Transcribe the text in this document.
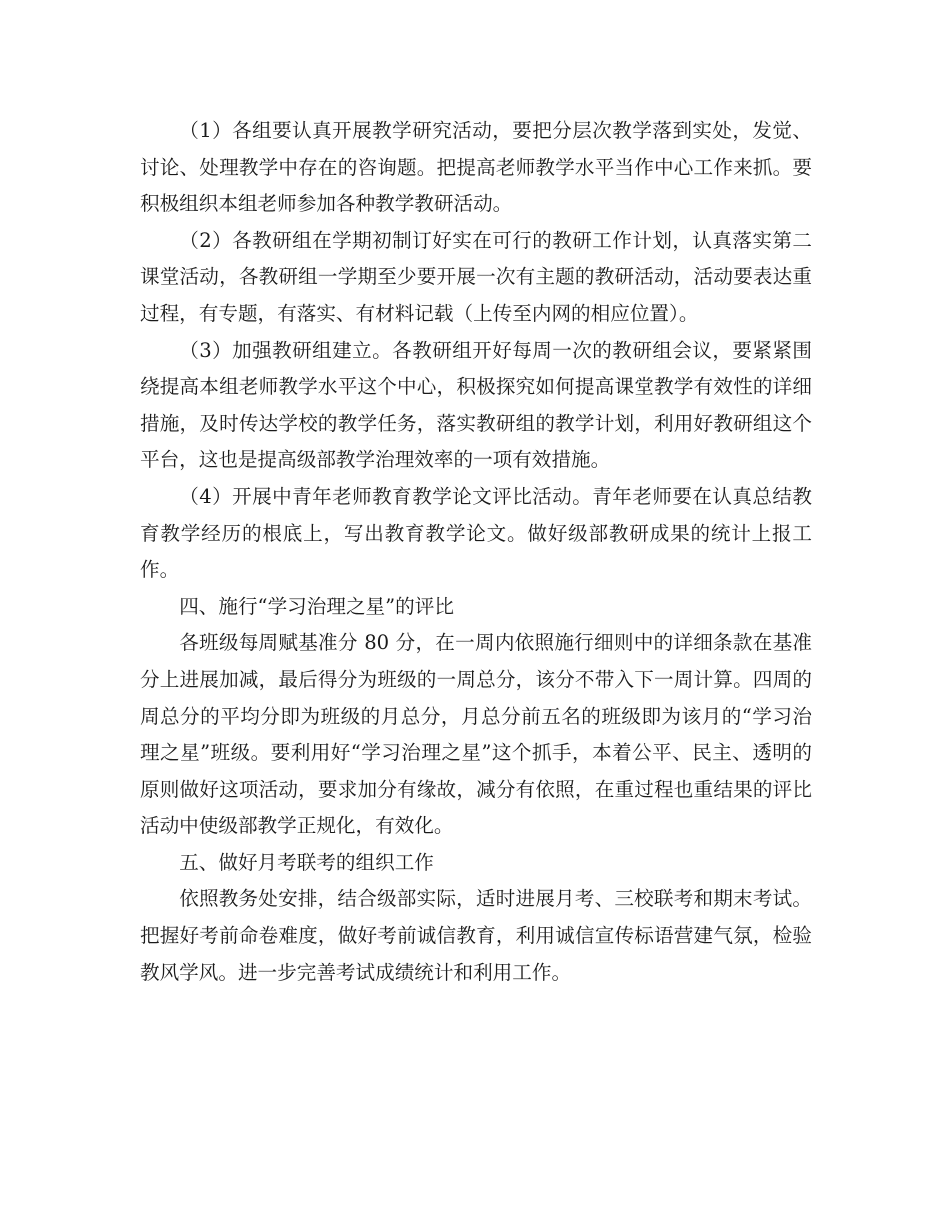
（1）各组要认真开展教学研究活动，要把分层次教学落到实处，发觉、讨论、处理教学中存在的咨询题。把提高老师教学水平当作中心工作来抓。要积极组织本组老师参加各种教学教研活动。

（2）各教研组在学期初制订好实在可行的教研工作计划，认真落实第二课堂活动，各教研组一学期至少要开展一次有主题的教研活动，活动要表达重过程，有专题，有落实、有材料记载（上传至内网的相应位置）。

（3）加强教研组建立。各教研组开好每周一次的教研组会议，要紧紧围绕提高本组老师教学水平这个中心，积极探究如何提高课堂教学有效性的详细措施，及时传达学校的教学任务，落实教研组的教学计划，利用好教研组这个平台，这也是提高级部教学治理效率的一项有效措施。

（4）开展中青年老师教育教学论文评比活动。青年老师要在认真总结教育教学经历的根底上，写出教育教学论文。做好级部教研成果的统计上报工作。

四、施行“学习治理之星”的评比

各班级每周赋基准分 80 分，在一周内依照施行细则中的详细条款在基准分上进展加减，最后得分为班级的一周总分，该分不带入下一周计算。四周的周总分的平均分即为班级的月总分，月总分前五名的班级即为该月的“学习治理之星”班级。要利用好“学习治理之星”这个抓手，本着公平、民主、透明的原则做好这项活动，要求加分有缘故，减分有依照，在重过程也重结果的评比活动中使级部教学正规化，有效化。

五、做好月考联考的组织工作

依照教务处安排，结合级部实际，适时进展月考、三校联考和期末考试。把握好考前命卷难度，做好考前诚信教育，利用诚信宣传标语营建气氛，检验教风学风。进一步完善考试成绩统计和利用工作。
